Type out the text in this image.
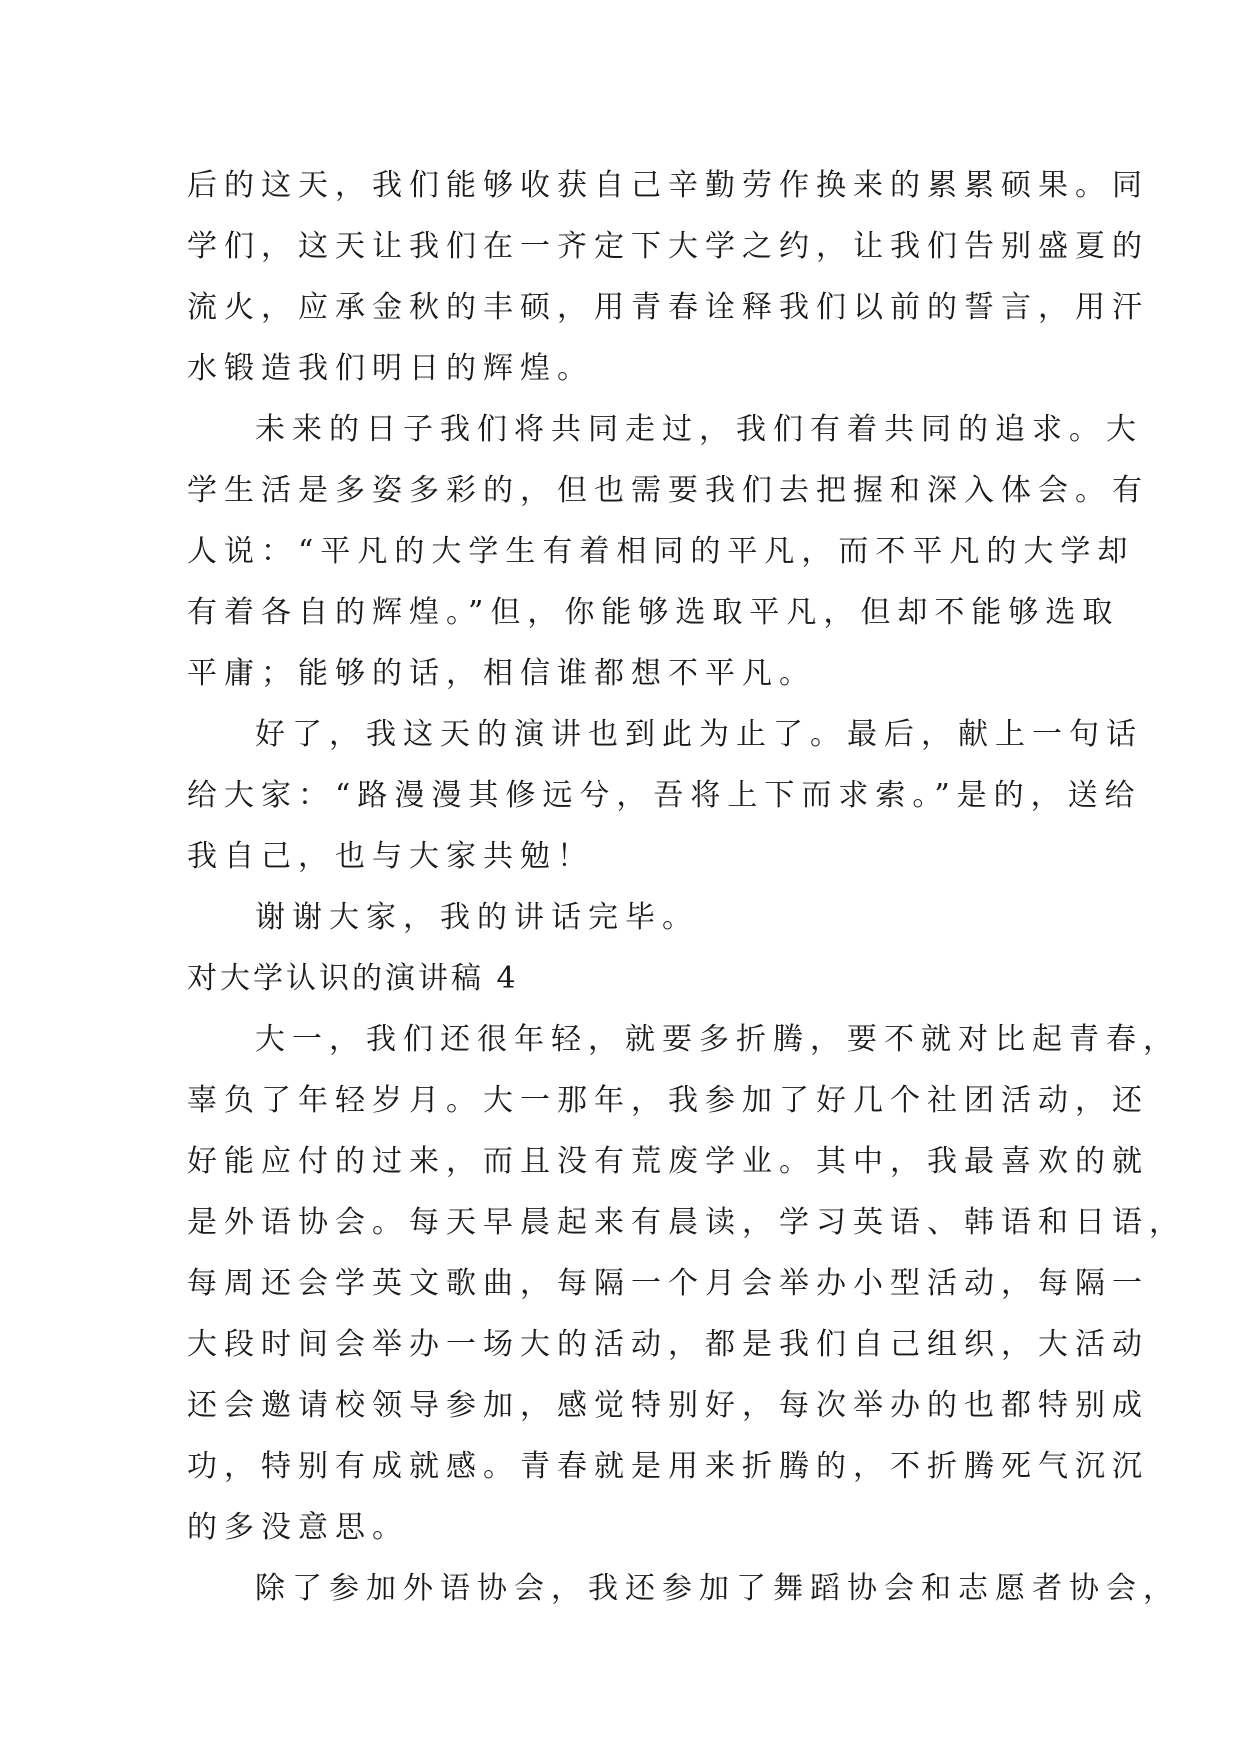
后的这天，我们能够收获自己辛勤劳作换来的累累硕果。同
学们，这天让我们在一齐定下大学之约，让我们告别盛夏的
流火，应承金秋的丰硕，用青春诠释我们以前的誓言，用汗
水锻造我们明日的辉煌。
未来的日子我们将共同走过，我们有着共同的追求。大
学生活是多姿多彩的，但也需要我们去把握和深入体会。有
人说：“平凡的大学生有着相同的平凡，而不平凡的大学却
有着各自的辉煌。”但，你能够选取平凡，但却不能够选取
平庸；能够的话，相信谁都想不平凡。
好了，我这天的演讲也到此为止了。最后，献上一句话
给大家：“路漫漫其修远兮，吾将上下而求索。”是的，送给
我自己，也与大家共勉！
谢谢大家，我的讲话完毕。
对大学认识的演讲稿 4
大一，我们还很年轻，就要多折腾，要不就对比起青春，
辜负了年轻岁月。大一那年，我参加了好几个社团活动，还
好能应付的过来，而且没有荒废学业。其中，我最喜欢的就
是外语协会。每天早晨起来有晨读，学习英语、韩语和日语，
每周还会学英文歌曲，每隔一个月会举办小型活动，每隔一
大段时间会举办一场大的活动，都是我们自己组织，大活动
还会邀请校领导参加，感觉特别好，每次举办的也都特别成
功，特别有成就感。青春就是用来折腾的，不折腾死气沉沉
的多没意思。
除了参加外语协会，我还参加了舞蹈协会和志愿者协会，
